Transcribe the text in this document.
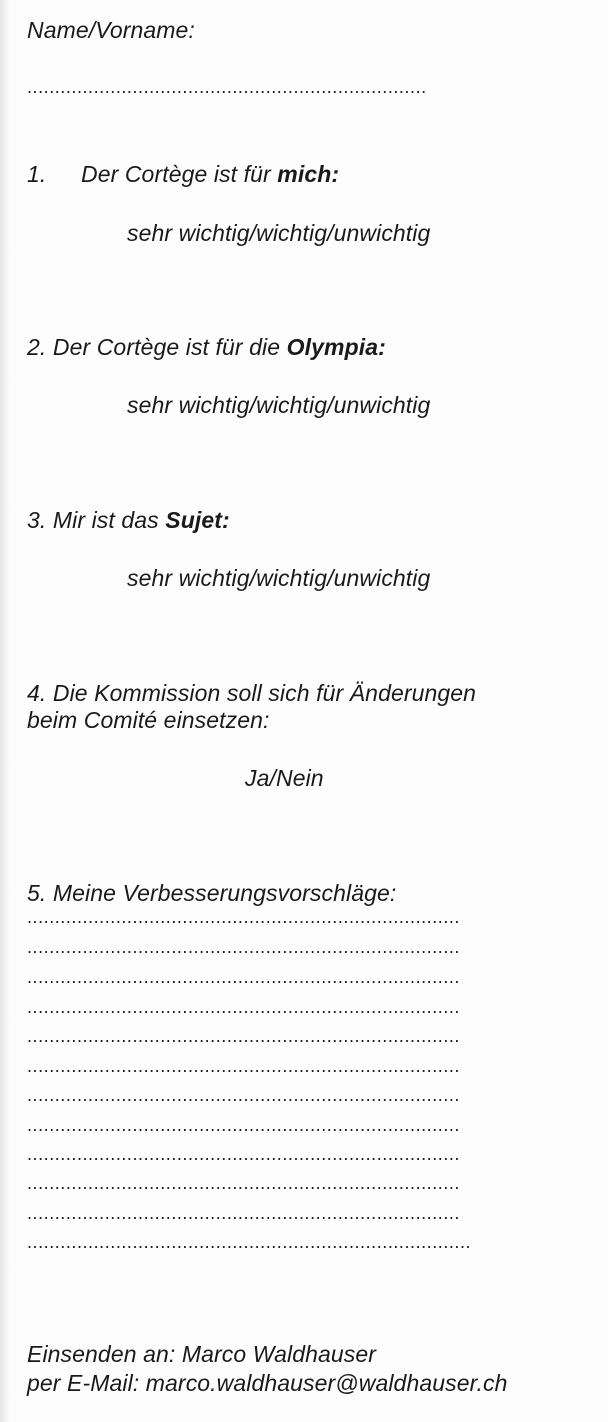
Name/Vorname:
........................................................................
1. Der Cortège ist für mich:
sehr wichtig/wichtig/unwichtig
2. Der Cortège ist für die Olympia:
sehr wichtig/wichtig/unwichtig
3. Mir ist das Sujet:
sehr wichtig/wichtig/unwichtig
4. Die Kommission soll sich für Änderungen
beim Comité einsetzen:
Ja/Nein
5. Meine Verbesserungsvorschläge:
..............................................................................
..............................................................................
..............................................................................
..............................................................................
..............................................................................
..............................................................................
..............................................................................
..............................................................................
..............................................................................
..............................................................................
..............................................................................
................................................................................
Einsenden an: Marco Waldhauser
per E-Mail: marco.waldhauser@waldhauser.ch
